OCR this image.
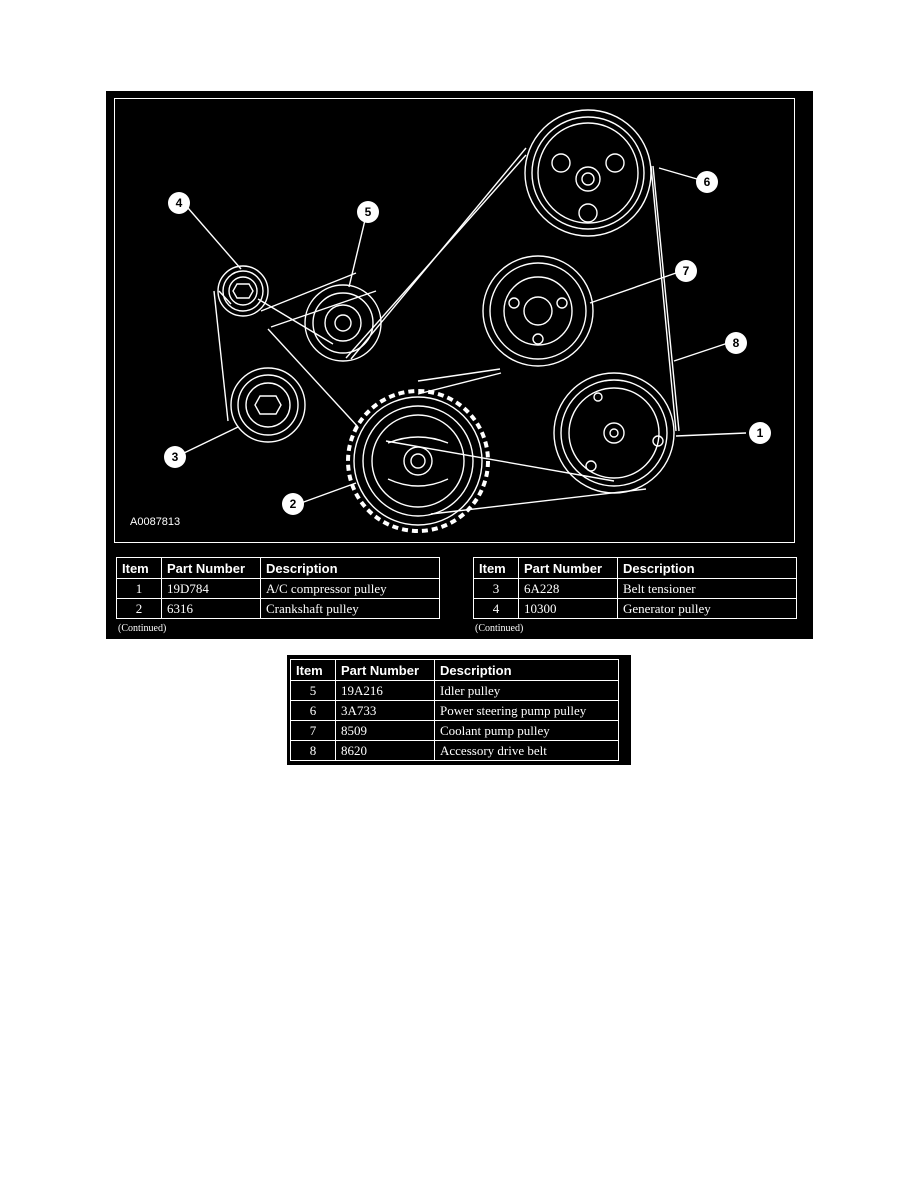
1
2
3
4
5
6
7
8
A0087813
Item	Part Number	Description
1	19D784	A/C compressor pulley
2	6316	Crankshaft pulley
(Continued)
Item	Part Number	Description
3	6A228	Belt tensioner
4	10300	Generator pulley
(Continued)
Item	Part Number	Description
5	19A216	Idler pulley
6	3A733	Power steering pump pulley
7	8509	Coolant pump pulley
8	8620	Accessory drive belt
